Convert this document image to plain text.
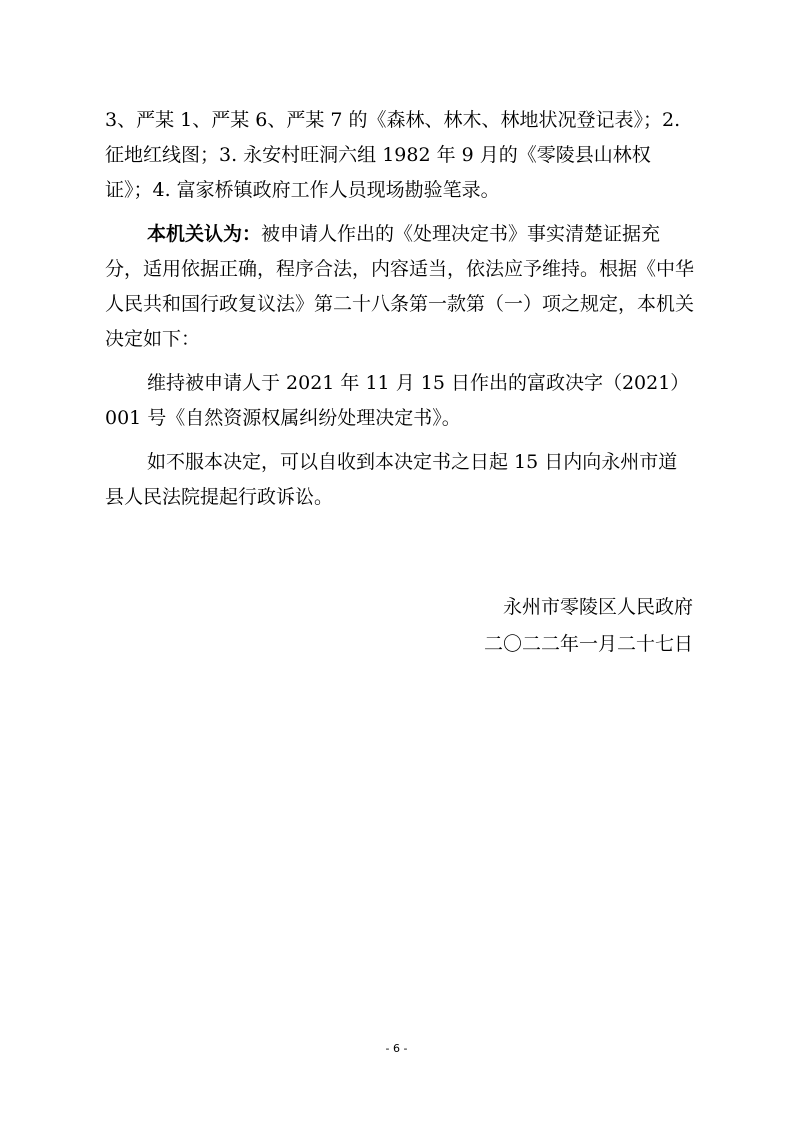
3、严某 1、严某 6、严某 7 的《森林、林木、林地状况登记表》；2. 征地红线图；3. 永安村旺洞六组 1982 年 9 月的《零陵县山林权证》；4. 富家桥镇政府工作人员现场勘验笔录。

本机关认为：被申请人作出的《处理决定书》事实清楚证据充分，适用依据正确，程序合法，内容适当，依法应予维持。根据《中华人民共和国行政复议法》第二十八条第一款第（一）项之规定，本机关决定如下：

维持被申请人于 2021 年 11 月 15 日作出的富政决字（2021）001 号《自然资源权属纠纷处理决定书》。

如不服本决定，可以自收到本决定书之日起 15 日内向永州市道县人民法院提起行政诉讼。

永州市零陵区人民政府
二〇二二年一月二十七日
- 6 -
